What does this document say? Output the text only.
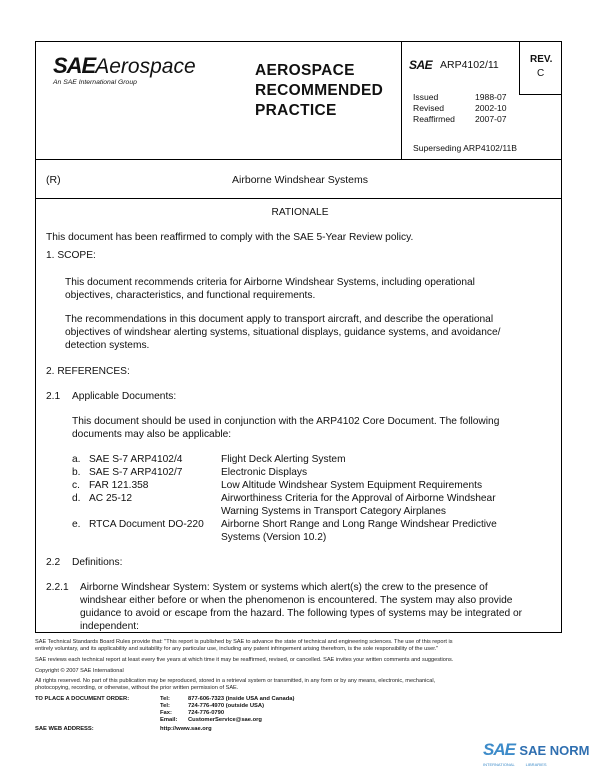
SAEAerospace
An SAE International Group
AEROSPACE
RECOMMENDED
PRACTICE
SAE ARP4102/11	REV.
C
Issued	1988-07
Revised	2002-10
Reaffirmed 2007-07
Superseding ARP4102/11B
(R)	Airborne Windshear Systems
RATIONALE
This document has been reaffirmed to comply with the SAE 5-Year Review policy.
1. SCOPE:
This document recommends criteria for Airborne Windshear Systems, including operational
objectives, characteristics, and functional requirements.
The recommendations in this document apply to transport aircraft, and describe the operational
objectives of windshear alerting systems, situational displays, guidance systems, and avoidance/
detection systems.
2. REFERENCES:
2.1 Applicable Documents:
This document should be used in conjunction with the ARP4102 Core Document. The following
documents may also be applicable:
a. SAE S-7 ARP4102/4	Flight Deck Alerting System
b. SAE S-7 ARP4102/7	Electronic Displays
c. FAR 121.358	Low Altitude Windshear System Equipment Requirements
d. AC 25-12	Airworthiness Criteria for the Approval of Airborne Windshear
Warning Systems in Transport Category Airplanes
e. RTCA Document DO-220 Airborne Short Range and Long Range Windshear Predictive
Systems (Version 10.2)
2.2 Definitions:
2.2.1 Airborne Windshear System: System or systems which alert(s) the crew to the presence of
windshear either before or when the phenomenon is encountered. The system may also provide
guidance to avoid or escape from the hazard. The following types of systems may be integrated or
independent:
SAE Technical Standards Board Rules provide that: "This report is published by SAE to advance the state of technical and engineering sciences. The use of this report is
entirely voluntary, and its applicability and suitability for any particular use, including any patent infringement arising therefrom, is the sole responsibility of the user."
SAE reviews each technical report at least every five years at which time it may be reaffirmed, revised, or cancelled. SAE invites your written comments and suggestions.
Copyright © 2007 SAE International
All rights reserved. No part of this publication may be reproduced, stored in a retrieval system or transmitted, in any form or by any means, electronic, mechanical,
photocopying, recording, or otherwise, without the prior written permission of SAE.
TO PLACE A DOCUMENT ORDER:	Tel:	877-606-7323 (inside USA and Canada)
Tel:	724-776-4970 (outside USA)
Fax:	724-776-0790
Email: CustomerService@sae.org
SAE WEB ADDRESS:	http://www.sae.org
SAE SAE NORM
INTERNATIONAL          LIBRARIES
